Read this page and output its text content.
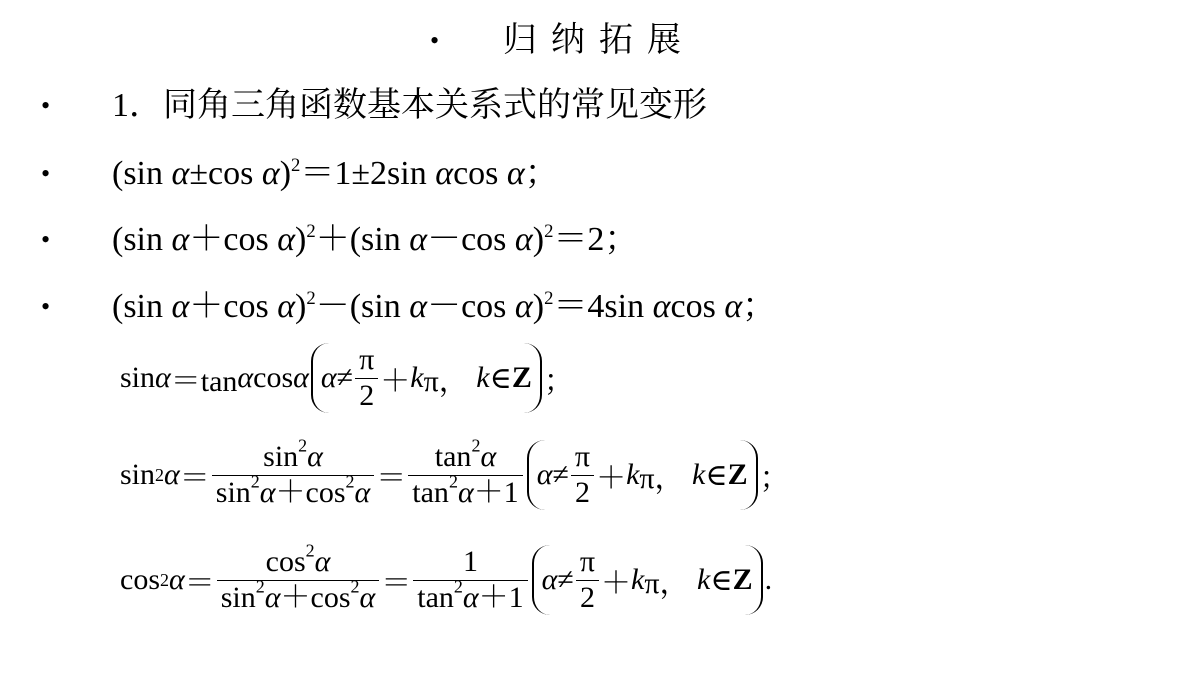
• 归纳拓展
• 1．同角三角函数基本关系式的常见变形
• (sin α±cos α)$^2$＝1±2sin αcos α；
• (sin α＋cos α)$^2$＋(sin α－cos α)$^2$＝2；
• (sin α＋cos α)$^2$－(sin α－cos α)$^2$＝4sin αcos α；
sin α ＝tan α cos α $\alpha \ne \frac{\pi}{2} + k$ π，
k ∈ Z ；
sin 2 $\alpha = \frac{\sin^2\alpha}{\sin^2\alpha+\cos^2\alpha} = \frac{\tan^2\alpha}{\tan^2\alpha+1}$ $\alpha \ne \frac{\pi}{2} + k$ π，
k ∈ Z ；
cos 2 $\alpha = \frac{\cos^2\alpha}{\sin^2\alpha+\cos^2\alpha} = \frac{1}{\tan^2\alpha+1}$ $\alpha \ne \frac{\pi}{2} + k$ π，
k ∈ Z .
